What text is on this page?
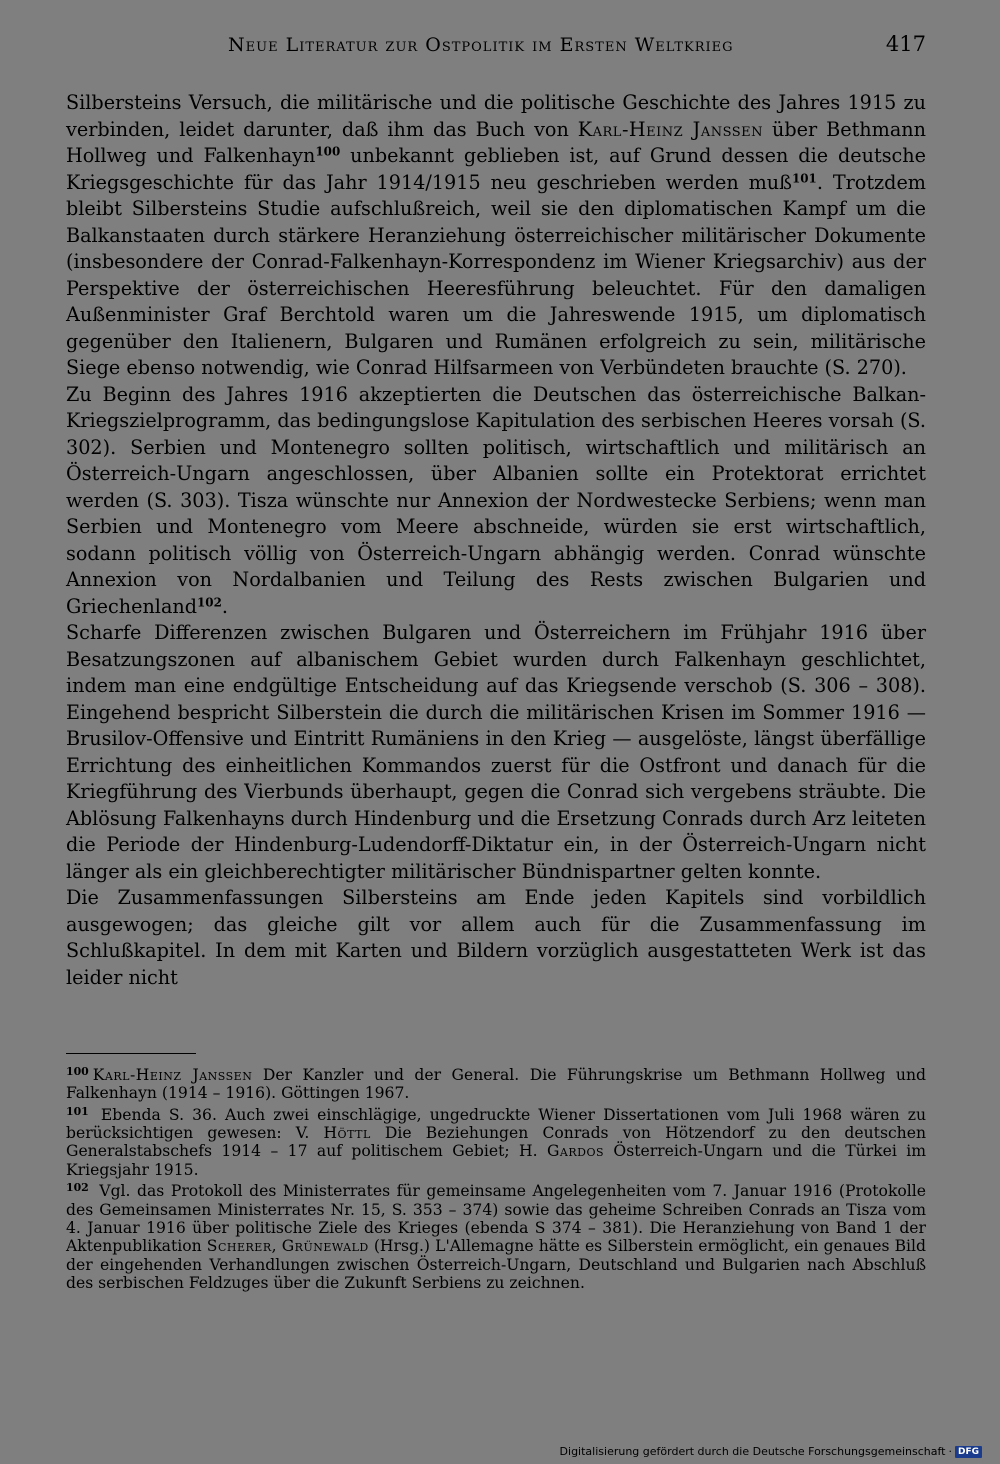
Neue Literatur zur Ostpolitik im Ersten Weltkrieg	417

Silbersteins Versuch, die militärische und die politische Geschichte des Jahres 1915 zu verbinden, leidet darunter, daß ihm das Buch von Karl-Heinz Janssen über Bethmann Hollweg und Falkenhayn$^{100}$ unbekannt geblieben ist, auf Grund dessen die deutsche Kriegsgeschichte für das Jahr 1914/1915 neu geschrieben werden muß$^{101}$. Trotzdem bleibt Silbersteins Studie aufschlußreich, weil sie den diplomatischen Kampf um die Balkanstaaten durch stärkere Heranziehung österreichischer militärischer Dokumente (insbesondere der Conrad-Falkenhayn-Korrespondenz im Wiener Kriegsarchiv) aus der Perspektive der österreichischen Heeresführung beleuchtet. Für den damaligen Außenminister Graf Berchtold waren um die Jahreswende 1915, um diplomatisch gegenüber den Italienern, Bulgaren und Rumänen erfolgreich zu sein, militärische Siege ebenso notwendig, wie Conrad Hilfsarmeen von Verbündeten brauchte (S. 270).

Zu Beginn des Jahres 1916 akzeptierten die Deutschen das österreichische Balkan-Kriegszielprogramm, das bedingungslose Kapitulation des serbischen Heeres vorsah (S. 302). Serbien und Montenegro sollten politisch, wirtschaftlich und militärisch an Österreich-Ungarn angeschlossen, über Albanien sollte ein Protektorat errichtet werden (S. 303). Tisza wünschte nur Annexion der Nordwestecke Serbiens; wenn man Serbien und Montenegro vom Meere abschneide, würden sie erst wirtschaftlich, sodann politisch völlig von Österreich-Ungarn abhängig werden. Conrad wünschte Annexion von Nordalbanien und Teilung des Rests zwischen Bulgarien und Griechenland$^{102}$.

Scharfe Differenzen zwischen Bulgaren und Österreichern im Frühjahr 1916 über Besatzungszonen auf albanischem Gebiet wurden durch Falkenhayn geschlichtet, indem man eine endgültige Entscheidung auf das Kriegsende verschob (S. 306 – 308). Eingehend bespricht Silberstein die durch die militärischen Krisen im Sommer 1916 — Brusilov-Offensive und Eintritt Rumäniens in den Krieg — ausgelöste, längst überfällige Errichtung des einheitlichen Kommandos zuerst für die Ostfront und danach für die Kriegführung des Vierbunds überhaupt, gegen die Conrad sich vergebens sträubte. Die Ablösung Falkenhayns durch Hindenburg und die Ersetzung Conrads durch Arz leiteten die Periode der Hindenburg-Ludendorff-Diktatur ein, in der Österreich-Ungarn nicht länger als ein gleichberechtigter militärischer Bündnispartner gelten konnte.

Die Zusammenfassungen Silbersteins am Ende jeden Kapitels sind vorbildlich ausgewogen; das gleiche gilt vor allem auch für die Zusammenfassung im Schlußkapitel. In dem mit Karten und Bildern vorzüglich ausgestatteten Werk ist das leider nicht

$^{100}$ Karl-Heinz Janssen Der Kanzler und der General. Die Führungskrise um Bethmann Hollweg und Falkenhayn (1914 – 1916). Göttingen 1967.

$^{101}$ Ebenda S. 36. Auch zwei einschlägige, ungedruckte Wiener Dissertationen vom Juli 1968 wären zu berücksichtigen gewesen: V. Höttl Die Beziehungen Conrads von Hötzendorf zu den deutschen Generalstabschefs 1914 – 17 auf politischem Gebiet; H. Gardos Österreich-Ungarn und die Türkei im Kriegsjahr 1915.

$^{102}$ Vgl. das Protokoll des Ministerrates für gemeinsame Angelegenheiten vom 7. Januar 1916 (Protokolle des Gemeinsamen Ministerrates Nr. 15, S. 353 – 374) sowie das geheime Schreiben Conrads an Tisza vom 4. Januar 1916 über politische Ziele des Krieges (ebenda S 374 – 381). Die Heranziehung von Band 1 der Aktenpublikation Scherer, Grünewald (Hrsg.) L'Allemagne hätte es Silberstein ermöglicht, ein genaues Bild der eingehenden Verhandlungen zwischen Österreich-Ungarn, Deutschland und Bulgarien nach Abschluß des serbischen Feldzuges über die Zukunft Serbiens zu zeichnen.

Digitalisierung gefördert durch die Deutsche Forschungsgemeinschaft · DFG
